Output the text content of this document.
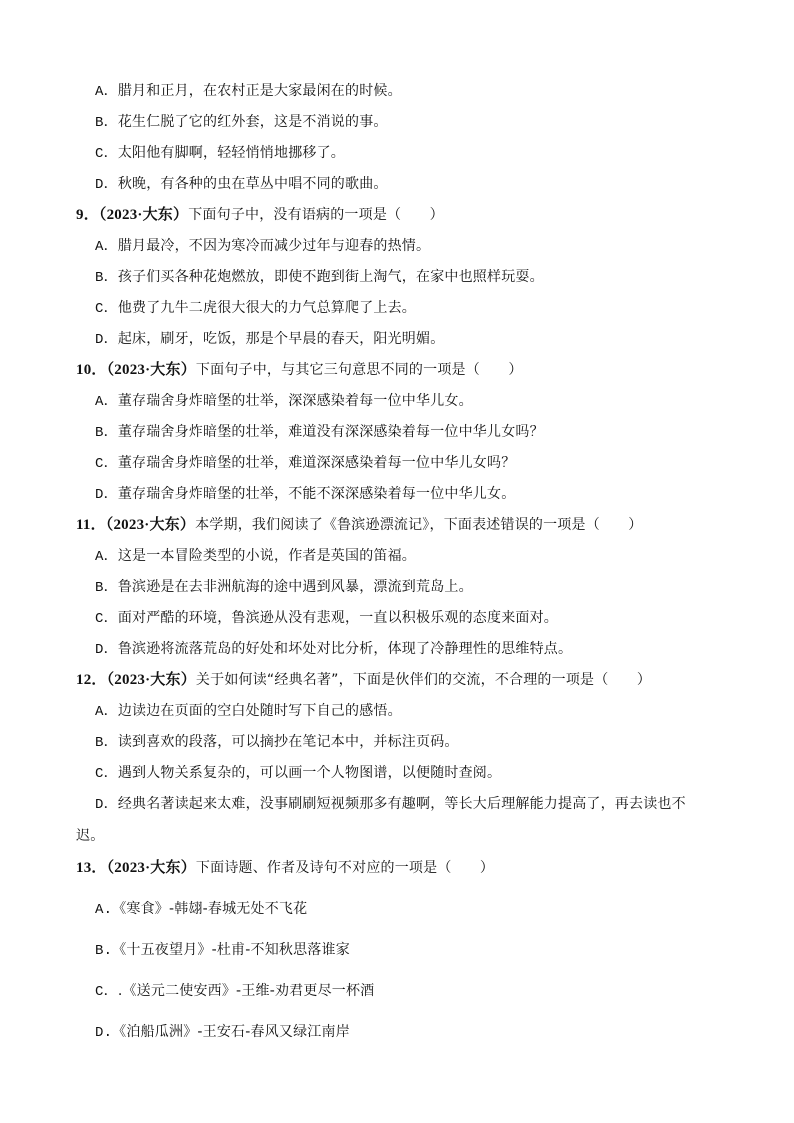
A．腊月和正月，在农村正是大家最闲在的时候。
B．花生仁脱了它的红外套，这是不消说的事。
C．太阳他有脚啊，轻轻悄悄地挪移了。
D．秋晚，有各种的虫在草丛中唱不同的歌曲。
9．（2023·大东）下面句子中，没有语病的一项是（　　）
A．腊月最冷，不因为寒冷而减少过年与迎春的热情。
B．孩子们买各种花炮燃放，即使不跑到街上淘气，在家中也照样玩耍。
C．他费了九牛二虎很大很大的力气总算爬了上去。
D．起床，刷牙，吃饭，那是个早晨的春天，阳光明媚。
10．（2023·大东）下面句子中，与其它三句意思不同的一项是（　　）
A．董存瑞舍身炸暗堡的壮举，深深感染着每一位中华儿女。
B．董存瑞舍身炸暗堡的壮举，难道没有深深感染着每一位中华儿女吗？
C．董存瑞舍身炸暗堡的壮举，难道深深感染着每一位中华儿女吗？
D．董存瑞舍身炸暗堡的壮举，不能不深深感染着每一位中华儿女。
11．（2023·大东）本学期，我们阅读了《鲁滨逊漂流记》，下面表述错误的一项是（　　）
A．这是一本冒险类型的小说，作者是英国的笛福。
B．鲁滨逊是在去非洲航海的途中遇到风暴，漂流到荒岛上。
C．面对严酷的环境，鲁滨逊从没有悲观，一直以积极乐观的态度来面对。
D．鲁滨逊将流落荒岛的好处和坏处对比分析，体现了冷静理性的思维特点。
12．（2023·大东）关于如何读“经典名著”，下面是伙伴们的交流，不合理的一项是（　　）
A．边读边在页面的空白处随时写下自己的感悟。
B．读到喜欢的段落，可以摘抄在笔记本中，并标注页码。
C．遇到人物关系复杂的，可以画一个人物图谱，以便随时查阅。
D．经典名著读起来太难，没事刷刷短视频那多有趣啊，等长大后理解能力提高了，再去读也不
迟。
13．（2023·大东）下面诗题、作者及诗句不对应的一项是（　　）
A.《寒食》-韩翃-春城无处不飞花
B.《十五夜望月》-杜甫-不知秋思落谁家
C．.《送元二使安西》-王维-劝君更尽一杯酒
D.《泊船瓜洲》-王安石-春风又绿江南岸
